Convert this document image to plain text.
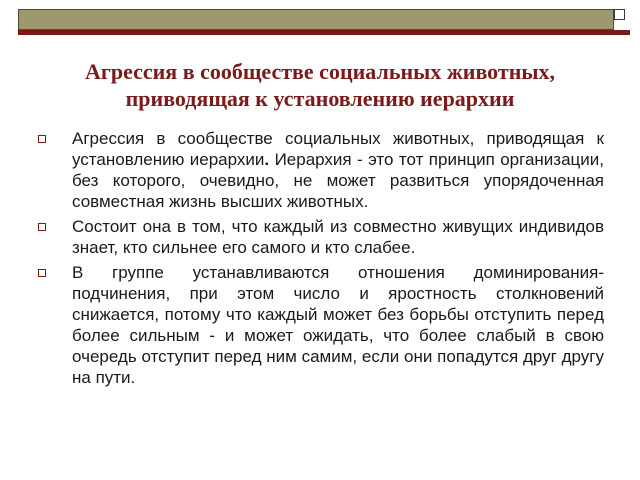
Агрессия в сообществе социальных животных,
приводящая к установлению иерархии
Агрессия в сообществе социальных животных, приводящая к установлению иерархии. Иерархия - это тот принцип организации, без которого, очевидно, не может развиться упорядоченная совместная жизнь высших животных.
Состоит она в том, что каждый из совместно живущих индивидов знает, кто сильнее его самого и кто слабее.
В группе устанавливаются отношения доминирования-подчинения, при этом число и яростность столкновений снижается, потому что каждый может без борьбы отступить перед более сильным - и может ожидать, что более слабый в свою очередь отступит перед ним самим, если они попадутся друг другу на пути.
